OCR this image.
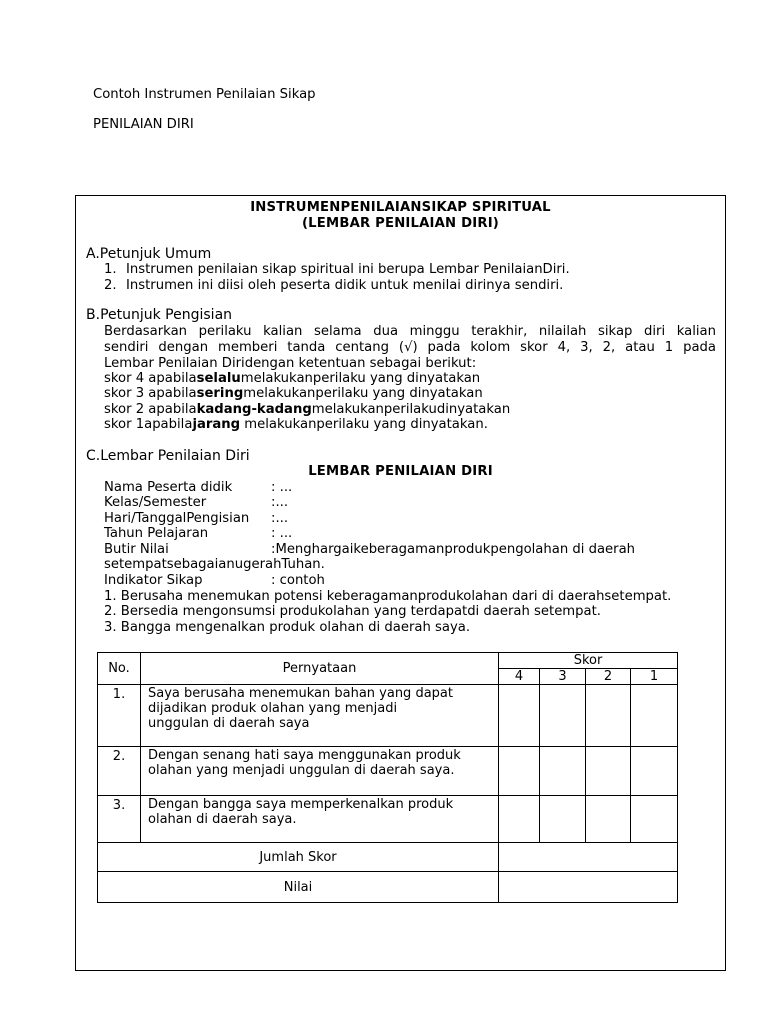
Contoh Instrumen Penilaian Sikap
PENILAIAN DIRI
INSTRUMENPENILAIANSIKAP SPIRITUAL
(LEMBAR PENILAIAN DIRI)
A.Petunjuk Umum
1. Instrumen penilaian sikap spiritual ini berupa Lembar PenilaianDiri.
2. Instrumen ini diisi oleh peserta didik untuk menilai dirinya sendiri.
B.Petunjuk Pengisian
Berdasarkan perilaku kalian selama dua minggu terakhir, nilailah sikap diri kalian
sendiri dengan memberi tanda centang (√) pada kolom skor 4, 3, 2, atau 1 pada
Lembar Penilaian Diridengan ketentuan sebagai berikut:
skor 4 apabilaselalumelakukanperilaku yang dinyatakan
skor 3 apabilaseringmelakukanperilaku yang dinyatakan
skor 2 apabilakadang-kadangmelakukanperilakudinyatakan
skor 1apabilajarang melakukanperilaku yang dinyatakan.
C.Lembar Penilaian Diri
LEMBAR PENILAIAN DIRI
Nama Peserta didik	: ...
Kelas/Semester	:...
Hari/TanggalPengisian :...
Tahun Pelajaran	: ...
Butir Nilai	:Menghargaikeberagamanprodukpengolahan di daerah
setempatsebagaianugerahTuhan.
Indikator Sikap	: contoh
1. Berusaha menemukan potensi keberagamanprodukolahan dari di daerahsetempat.
2. Bersedia mengonsumsi produkolahan yang terdapatdi daerah setempat.
3. Bangga mengenalkan produk olahan di daerah saya.
No.	Pernyataan	Skor			
		4	3	2	1
1.	Saya berusaha menemukan bahan yang dapat
dijadikan produk olahan yang menjadi
unggulan di daerah saya				

2.	Dengan senang hati saya menggunakan produk
olahan yang menjadi unggulan di daerah saya.				

3.	Dengan bangga saya memperkenalkan produk
olahan di daerah saya.				

Jumlah Skor					
Nilai					
